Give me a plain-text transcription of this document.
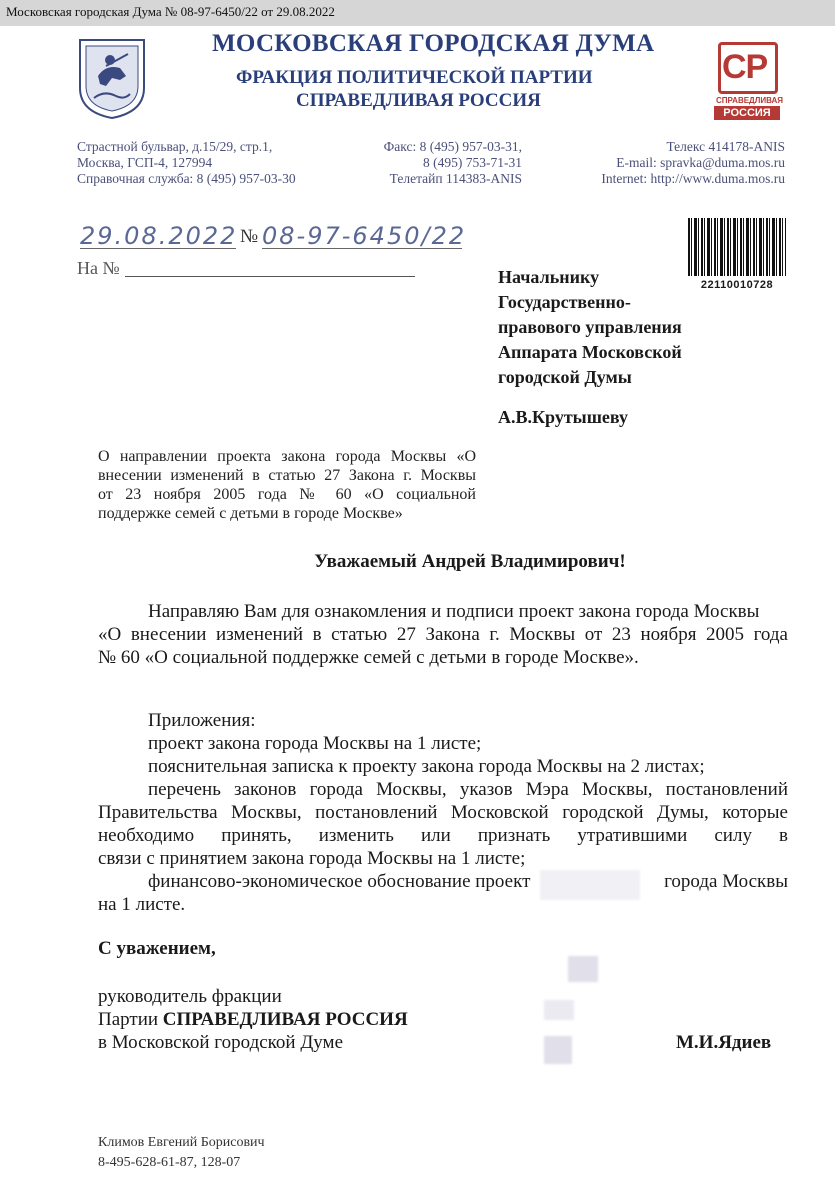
Московская городская Дума № 08-97-6450/22 от 29.08.2022
МОСКОВСКАЯ ГОРОДСКАЯ ДУМА
ФРАКЦИЯ ПОЛИТИЧЕСКОЙ ПАРТИИ
СПРАВЕДЛИВАЯ РОССИЯ
СР
СПРАВЕДЛИВАЯ
РОССИЯ
Страстной бульвар, д.15/29, стр.1,
Москва, ГСП-4, 127994
Справочная служба: 8 (495) 957-03-30
Факс: 8 (495) 957-03-31,
8 (495) 753-71-31
Телетайп 114383-ANIS
Телекс 414178-ANIS
E-mail: spravka@duma.mos.ru
Internet: http://www.duma.mos.ru
29.08.2022 № 08-97-6450/22
На №
22110010728
Начальнику
Государственно-
правового управления
Аппарата Московской
городской Думы
А.В.Крутышеву
О направлении проекта закона города Москвы «О
внесении изменений в статью 27 Закона г. Москвы
от 23 ноября 2005 года № 60 «О социальной
поддержке семей с детьми в городе Москве»
Уважаемый Андрей Владимирович!
Направляю Вам для ознакомления и подписи проект закона города Москвы
«О внесении изменений в статью 27 Закона г. Москвы от 23 ноября 2005 года
№ 60 «О социальной поддержке семей с детьми в городе Москве».
Приложения:
проект закона города Москвы на 1 листе;
пояснительная записка к проекту закона города Москвы на 2 листах;
перечень законов города Москвы, указов Мэра Москвы, постановлений
Правительства Москвы, постановлений Московской городской Думы, которые
необходимо принять, изменить или признать утратившими силу в
связи с принятием закона города Москвы на 1 листе;
финансово-экономическое обоснование проект	города Москвы
на 1 листе.
С уважением,
руководитель фракции
Партии СПРАВЕДЛИВАЯ РОССИЯ
в Московской городской Думе	М.И.Ядиев
Климов Евгений Борисович
8-495-628-61-87, 128-07
